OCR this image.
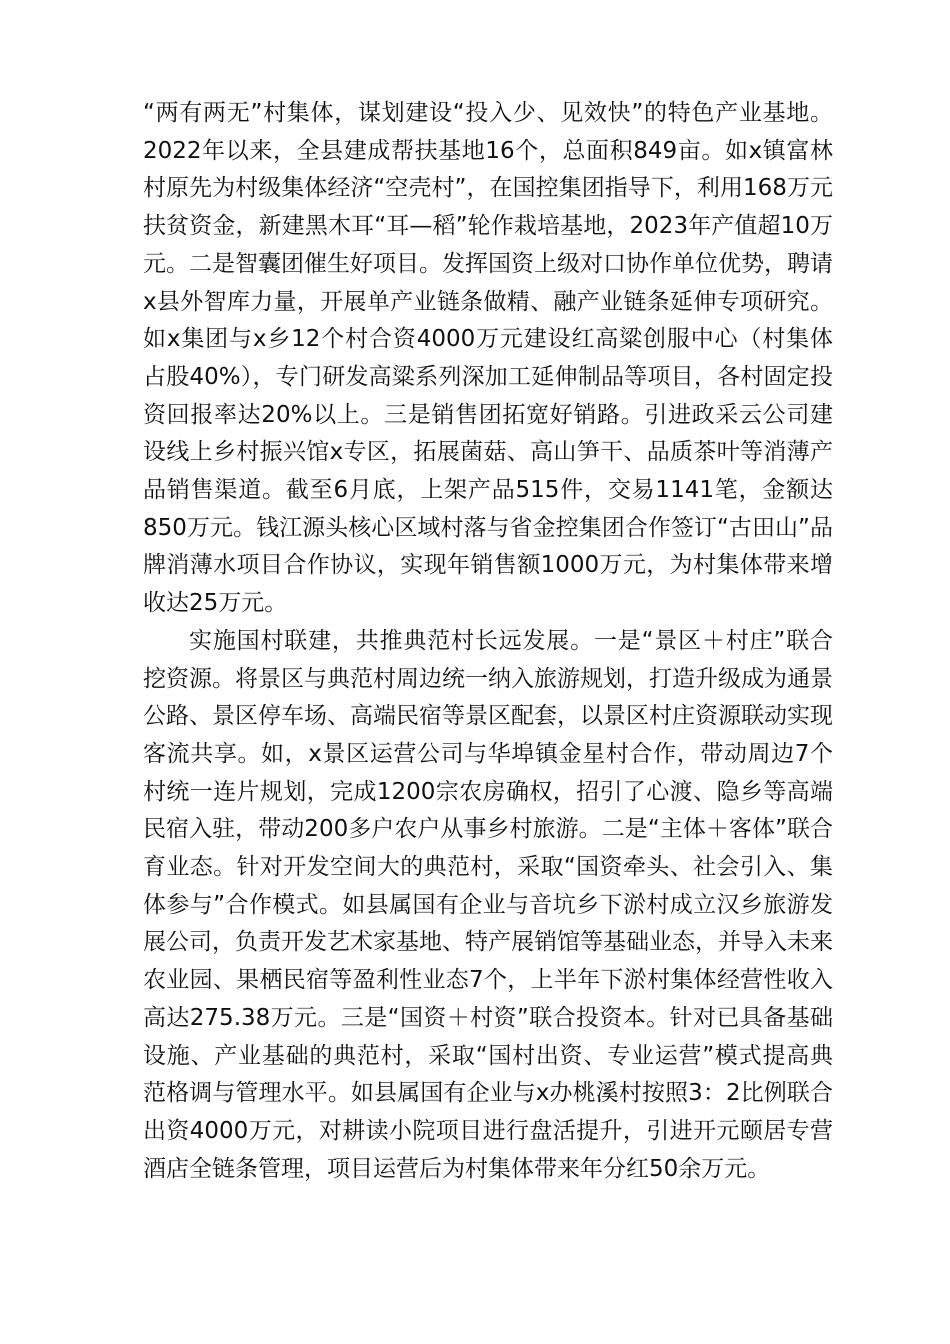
“两有两无”村集体，谋划建设“投入少、见效快”的特色产业基地。2022年以来，全县建成帮扶基地16个，总面积849亩。如x镇富林村原先为村级集体经济“空壳村”，在国控集团指导下，利用168万元扶贫资金，新建黑木耳“耳—稻”轮作栽培基地，2023年产值超10万元。二是智囊团催生好项目。发挥国资上级对口协作单位优势，聘请x县外智库力量，开展单产业链条做精、融产业链条延伸专项研究。如x集团与x乡12个村合资4000万元建设红高粱创服中心（村集体占股40%），专门研发高粱系列深加工延伸制品等项目，各村固定投资回报率达20%以上。三是销售团拓宽好销路。引进政采云公司建设线上乡村振兴馆x专区，拓展菌菇、高山笋干、品质茶叶等消薄产品销售渠道。截至6月底，上架产品515件，交易1141笔，金额达850万元。钱江源头核心区域村落与省金控集团合作签订“古田山”品牌消薄水项目合作协议，实现年销售额1000万元，为村集体带来增收达25万元。

实施国村联建，共推典范村长远发展。一是“景区＋村庄”联合挖资源。将景区与典范村周边统一纳入旅游规划，打造升级成为通景公路、景区停车场、高端民宿等景区配套，以景区村庄资源联动实现客流共享。如，x景区运营公司与华埠镇金星村合作，带动周边7个村统一连片规划，完成1200宗农房确权，招引了心渡、隐乡等高端民宿入驻，带动200多户农户从事乡村旅游。二是“主体＋客体”联合育业态。针对开发空间大的典范村，采取“国资牵头、社会引入、集体参与”合作模式。如县属国有企业与音坑乡下淤村成立汉乡旅游发展公司，负责开发艺术家基地、特产展销馆等基础业态，并导入未来农业园、果栖民宿等盈利性业态7个，上半年下淤村集体经营性收入高达275.38万元。三是“国资＋村资”联合投资本。针对已具备基础设施、产业基础的典范村，采取“国村出资、专业运营”模式提高典范格调与管理水平。如县属国有企业与x办桃溪村按照3：2比例联合出资4000万元，对耕读小院项目进行盘活提升，引进开元颐居专营酒店全链条管理，项目运营后为村集体带来年分红50余万元。
